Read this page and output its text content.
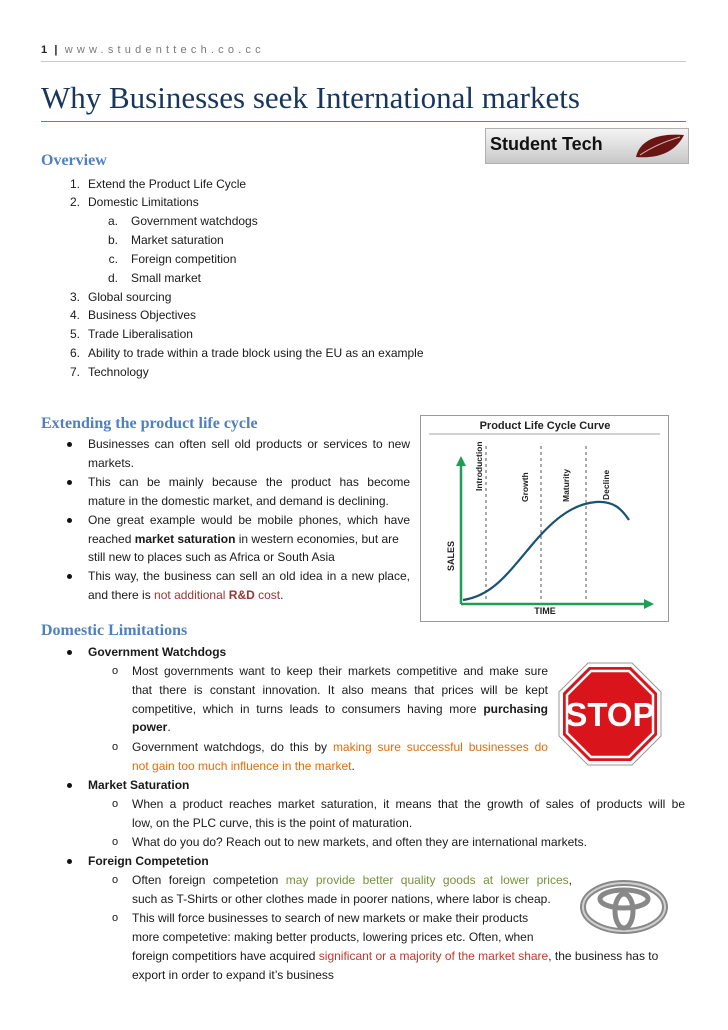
1 | www.studenttech.co.cc
Why Businesses seek International markets
Student Tech
Overview
1. Extend the Product Life Cycle
2. Domestic Limitations
a. Government watchdogs
b. Market saturation
c. Foreign competition
d. Small market
3. Global sourcing
4. Business Objectives
5. Trade Liberalisation
6. Ability to trade within a trade block using the EU as an example
7. Technology
Extending the product life cycle
Businesses can often sell old products or services to new
markets.
This can be mainly because the product has become
mature in the domestic market, and demand is declining.
One great example would be mobile phones, which have
reached market saturation in western economies, but are
still new to places such as Africa or South Asia
This way, the business can sell an old idea in a new place,
and there is not additional R&D cost.
Product Life Cycle Curve
SALES
TIME
Introduction	Growth	Maturity	Decline
Domestic Limitations
Government Watchdogs
o Most governments want to keep their markets competitive and make sure
that there is constant innovation. It also means that prices will be kept
competitive, which in turns leads to consumers having more purchasing
power.
o Government watchdogs, do this by making sure successful businesses do
not gain too much influence in the market.
STOP
Market Saturation
o When a product reaches market saturation, it means that the growth of sales of products will be
low, on the PLC curve, this is the point of maturation.
o What do you do? Reach out to new markets, and often they are international markets.
Foreign Competetion
o Often foreign competetion may provide better quality goods at lower prices,
such as T-Shirts or other clothes made in poorer nations, where labor is cheap.
o This will force businesses to search of new markets or make their products
more competetive: making better products, lowering prices etc. Often, when
foreign competitiors have acquired significant or a majority of the market share, the business has to
export in order to expand it’s business
